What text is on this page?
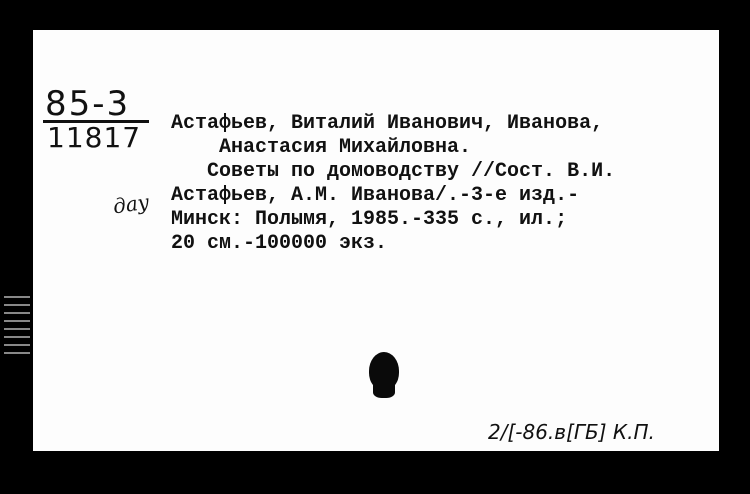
85-3
11817	Астафьев, Виталий Иванович, Иванова,
Анастасия Михайловна.
Советы по домоводству //Сост. В.И.
Астафьев, А.М. Иванова/.-3-е изд.-
Минск: Полымя, 1985.-335 с., ил.;
20 см.-100000 экз.
дау
2/[-86.в[ГБ] К.П.
